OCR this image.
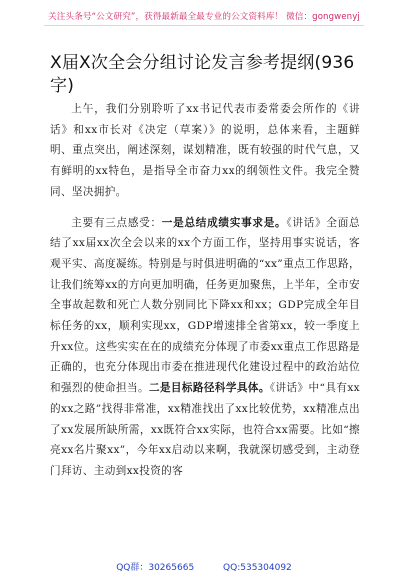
关注头条号“公文研究”，获得最新最全最专业的公文资料库！ 微信：gongwenyj
X届X次全会分组讨论发言参考提纲(936字)

上午，我们分别聆听了xx书记代表市委常委会所作的《讲话》和xx市长对《决定（草案）》的说明，总体来看，主题鲜明、重点突出，阐述深刻，谋划精准，既有较强的时代气息，又有鲜明的xx特色，是指导全市奋力xx的纲领性文件。我完全赞同、坚决拥护。

主要有三点感受：一是总结成绩实事求是。《讲话》全面总结了xx届xx次全会以来的xx个方面工作，坚持用事实说话，客观平实、高度凝练。特别是与时俱进明确的“xx”重点工作思路，让我们统筹xx的方向更加明确，任务更加聚焦，上半年，全市安全事故起数和死亡人数分别同比下降xx和xx；GDP完成全年目标任务的xx，顺利实现xx，GDP增速排全省第xx，较一季度上升xx位。这些实实在在的成绩充分体现了市委xx重点工作思路是正确的，也充分体现出市委在推进现代化建设过程中的政治站位和强烈的使命担当。二是目标路径科学具体。《讲话》中“具有xx的xx之路”找得非常准，xx精准找出了xx比较优势，xx精准点出了xx发展所缺所需，xx既符合xx实际，也符合xx需要。比如“擦亮xx名片聚xx”，今年xx启动以来啊，我就深切感受到，主动登门拜访、主动到xx投资的客

QQ群：30265665	QQ:535304092
